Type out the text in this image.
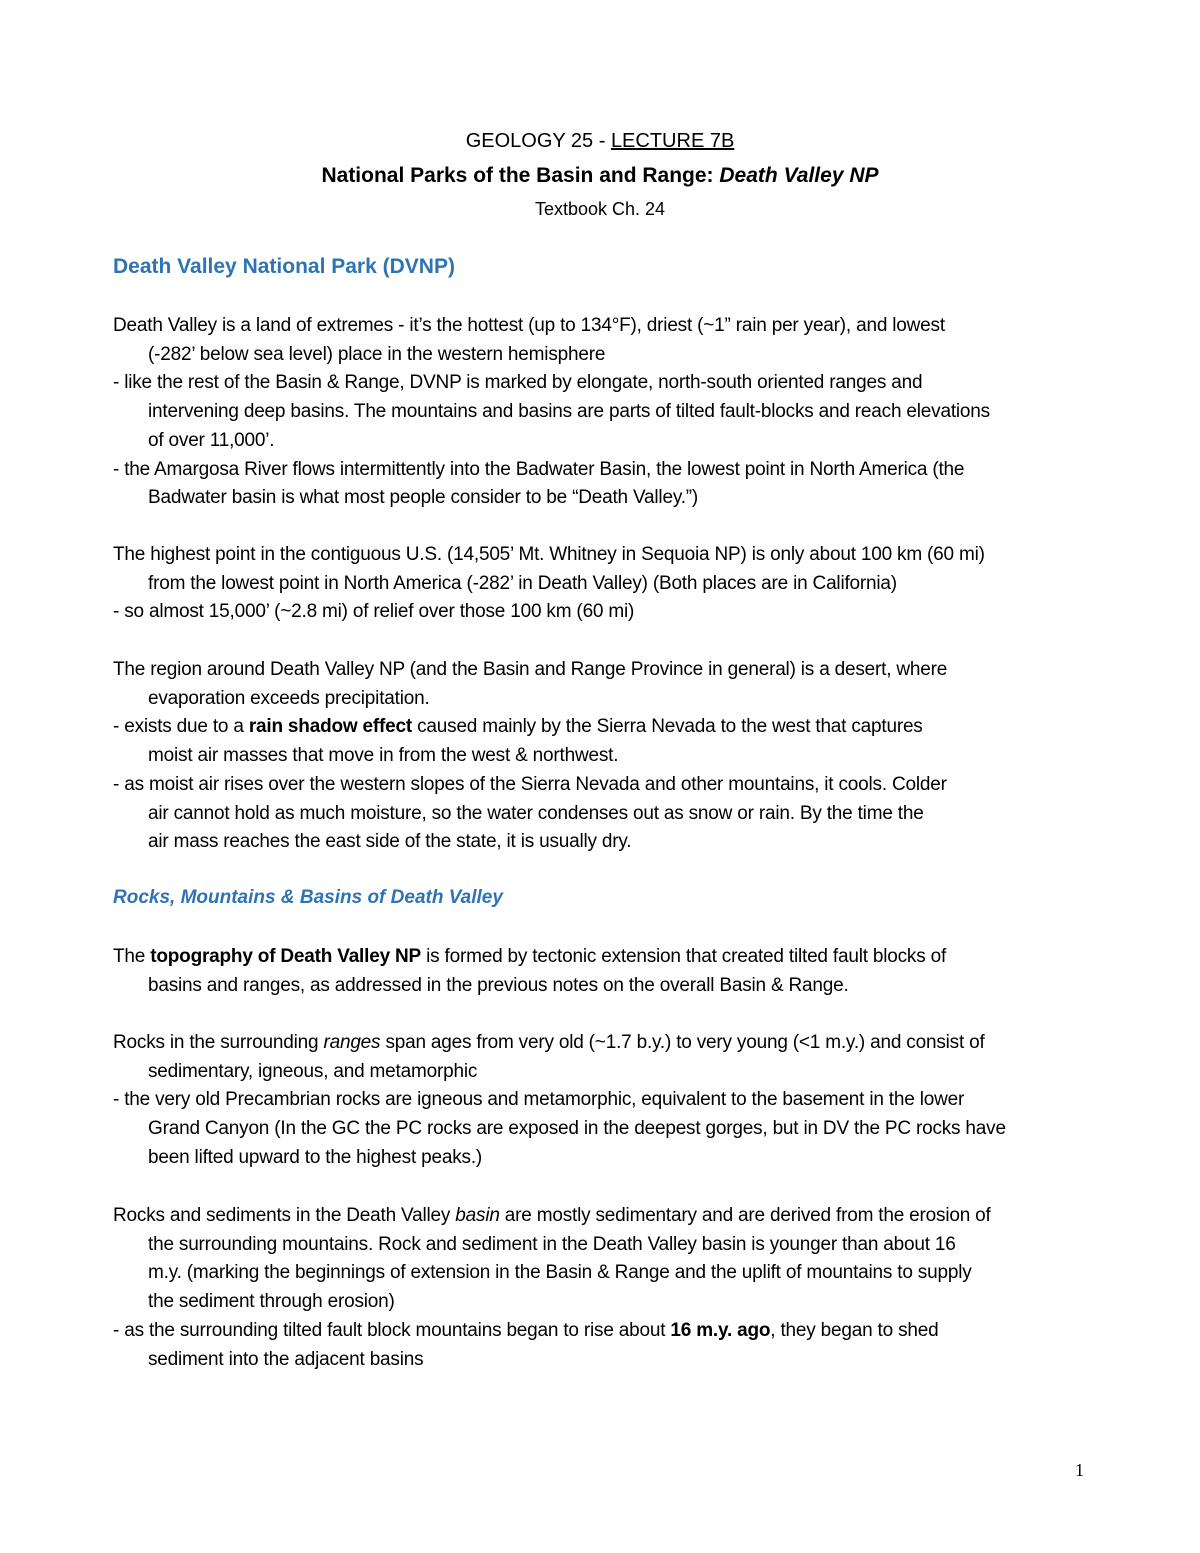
GEOLOGY 25 - LECTURE 7B
National Parks of the Basin and Range: Death Valley NP
Textbook Ch. 24
Death Valley National Park (DVNP)
Death Valley is a land of extremes - it’s the hottest (up to 134°F), driest (~1” rain per year), and lowest
(-282’ below sea level) place in the western hemisphere
- like the rest of the Basin & Range, DVNP is marked by elongate, north-south oriented ranges and
intervening deep basins. The mountains and basins are parts of tilted fault-blocks and reach elevations
of over 11,000’.
- the Amargosa River flows intermittently into the Badwater Basin, the lowest point in North America (the
Badwater basin is what most people consider to be “Death Valley.”)
The highest point in the contiguous U.S. (14,505’ Mt. Whitney in Sequoia NP) is only about 100 km (60 mi)
from the lowest point in North America (-282’ in Death Valley) (Both places are in California)
- so almost 15,000’ (~2.8 mi) of relief over those 100 km (60 mi)
The region around Death Valley NP (and the Basin and Range Province in general) is a desert, where
evaporation exceeds precipitation.
- exists due to a rain shadow effect caused mainly by the Sierra Nevada to the west that captures
moist air masses that move in from the west & northwest.
- as moist air rises over the western slopes of the Sierra Nevada and other mountains, it cools. Colder
air cannot hold as much moisture, so the water condenses out as snow or rain. By the time the
air mass reaches the east side of the state, it is usually dry.
Rocks, Mountains & Basins of Death Valley
The topography of Death Valley NP is formed by tectonic extension that created tilted fault blocks of
basins and ranges, as addressed in the previous notes on the overall Basin & Range.
Rocks in the surrounding ranges span ages from very old (~1.7 b.y.) to very young (<1 m.y.) and consist of
sedimentary, igneous, and metamorphic
- the very old Precambrian rocks are igneous and metamorphic, equivalent to the basement in the lower
Grand Canyon (In the GC the PC rocks are exposed in the deepest gorges, but in DV the PC rocks have
been lifted upward to the highest peaks.)
Rocks and sediments in the Death Valley basin are mostly sedimentary and are derived from the erosion of
the surrounding mountains. Rock and sediment in the Death Valley basin is younger than about 16
m.y. (marking the beginnings of extension in the Basin & Range and the uplift of mountains to supply
the sediment through erosion)
- as the surrounding tilted fault block mountains began to rise about 16 m.y. ago, they began to shed
sediment into the adjacent basins
1
